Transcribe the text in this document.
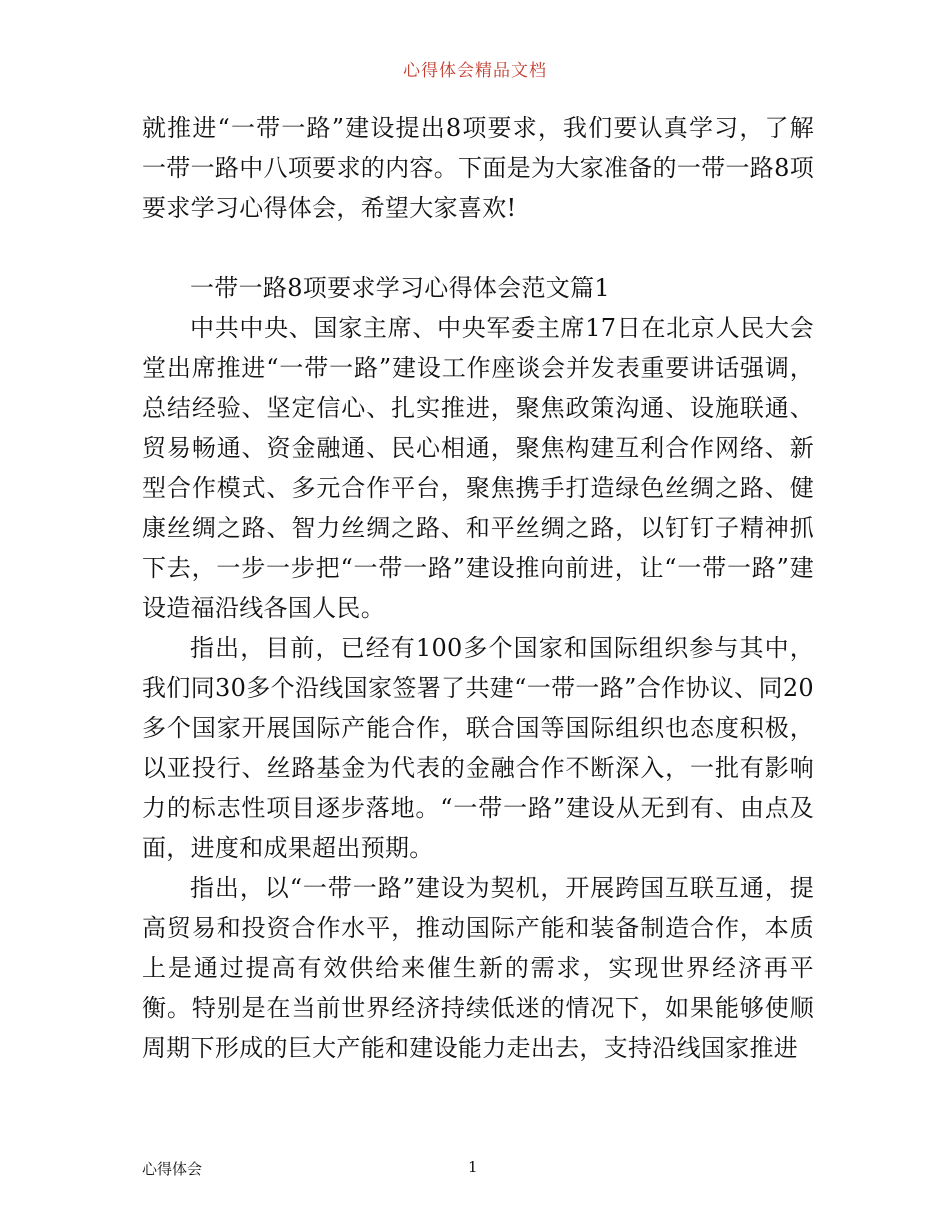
心得体会精品文档

就推进“一带一路”建设提出8项要求，我们要认真学习，了解一带一路中八项要求的内容。下面是为大家准备的一带一路8项要求学习心得体会，希望大家喜欢!

一带一路8项要求学习心得体会范文篇1

中共中央、国家主席、中央军委主席17日在北京人民大会堂出席推进“一带一路”建设工作座谈会并发表重要讲话强调，总结经验、坚定信心、扎实推进，聚焦政策沟通、设施联通、贸易畅通、资金融通、民心相通，聚焦构建互利合作网络、新型合作模式、多元合作平台，聚焦携手打造绿色丝绸之路、健康丝绸之路、智力丝绸之路、和平丝绸之路，以钉钉子精神抓下去，一步一步把“一带一路”建设推向前进，让“一带一路”建设造福沿线各国人民。

指出，目前，已经有100多个国家和国际组织参与其中，我们同30多个沿线国家签署了共建“一带一路”合作协议、同20多个国家开展国际产能合作，联合国等国际组织也态度积极，以亚投行、丝路基金为代表的金融合作不断深入，一批有影响力的标志性项目逐步落地。“一带一路”建设从无到有、由点及面，进度和成果超出预期。

指出，以“一带一路”建设为契机，开展跨国互联互通，提高贸易和投资合作水平，推动国际产能和装备制造合作，本质上是通过提高有效供给来催生新的需求，实现世界经济再平衡。特别是在当前世界经济持续低迷的情况下，如果能够使顺周期下形成的巨大产能和建设能力走出去，支持沿线国家推进

心得体会	1
